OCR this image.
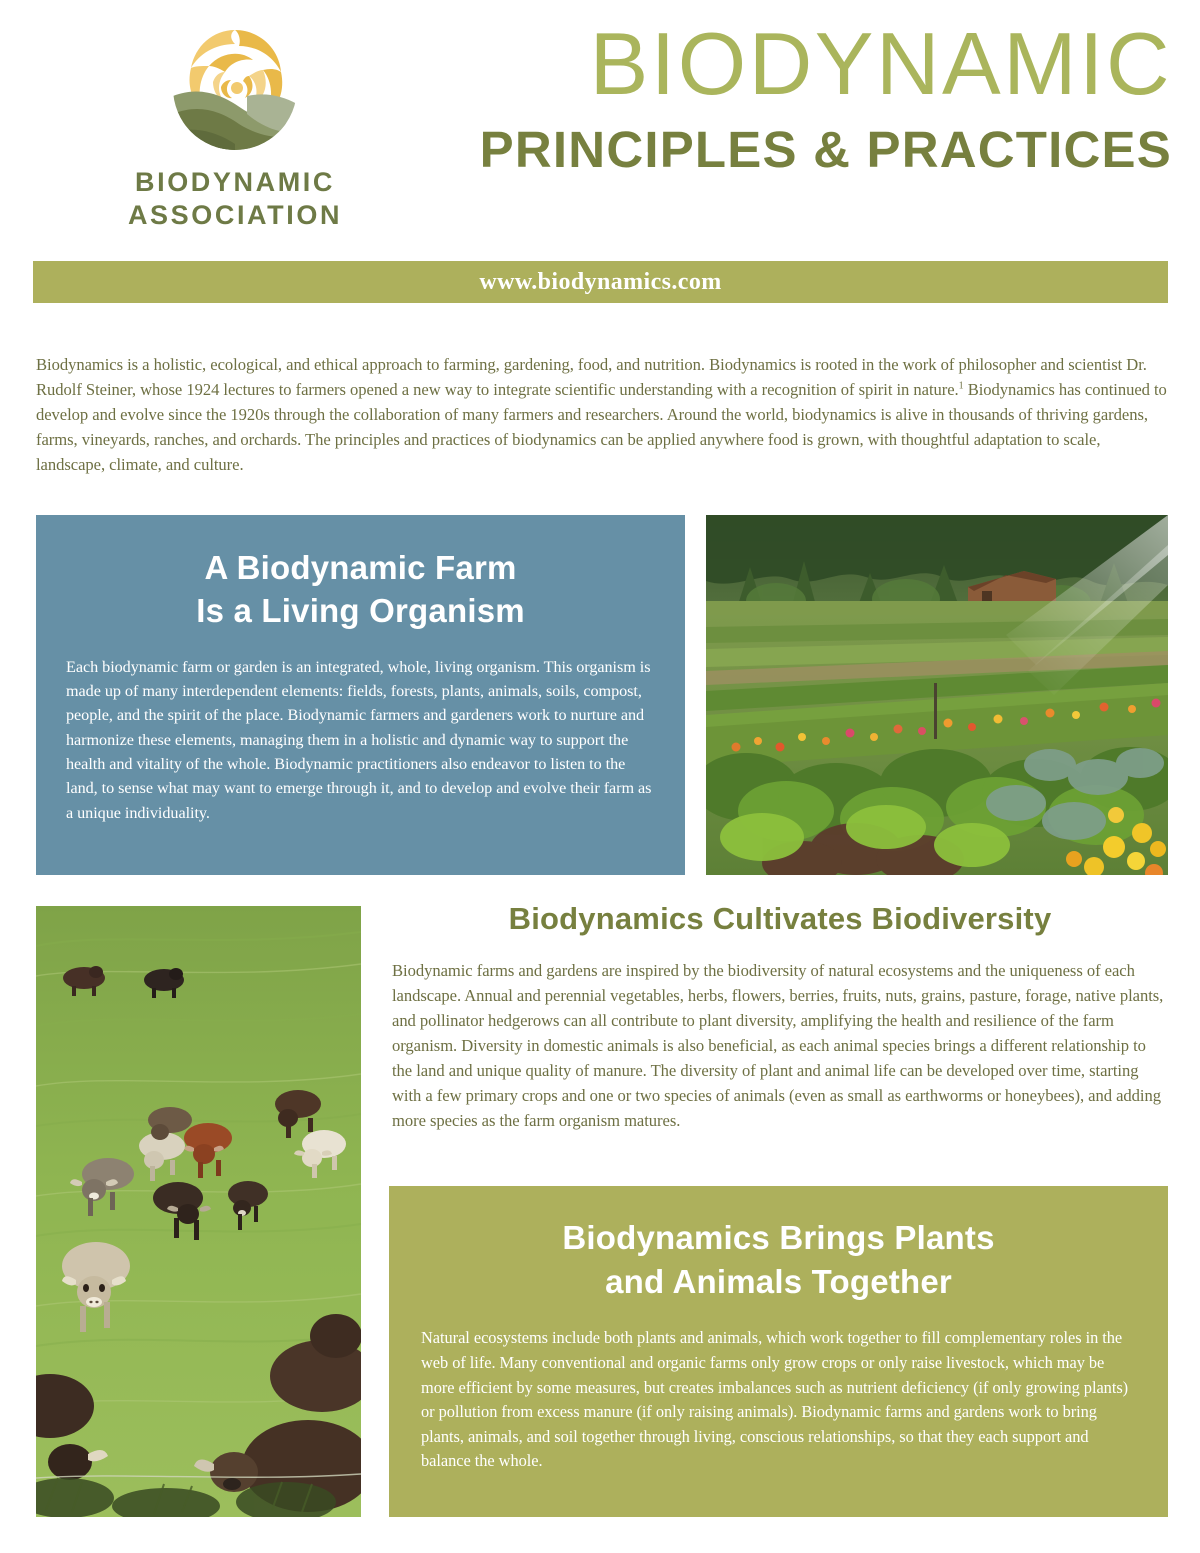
BIODYNAMIC
ASSOCIATION
BIODYNAMIC
PRINCIPLES & PRACTICES
www.biodynamics.com

Biodynamics is a holistic, ecological, and ethical approach to farming, gardening, food, and nutrition. Biodynamics is rooted in the work of philosopher and scientist Dr. Rudolf Steiner, whose 1924 lectures to farmers opened a new way to integrate scientific understanding with a recognition of spirit in nature.$^1$ Biodynamics has continued to develop and evolve since the 1920s through the collaboration of many farmers and researchers. Around the world, biodynamics is alive in thousands of thriving gardens, farms, vineyards, ranches, and orchards. The principles and practices of biodynamics can be applied anywhere food is grown, with thoughtful adaptation to scale, landscape, climate, and culture.

A Biodynamic Farm
Is a Living Organism

Each biodynamic farm or garden is an integrated, whole, living organism. This organism is made up of many interdependent elements: fields, forests, plants, animals, soils, compost, people, and the spirit of the place. Biodynamic farmers and gardeners work to nurture and harmonize these elements, managing them in a holistic and dynamic way to support the health and vitality of the whole. Biodynamic practitioners also endeavor to listen to the land, to sense what may want to emerge through it, and to develop and evolve their farm as a unique individuality.

Biodynamics Cultivates Biodiversity

Biodynamic farms and gardens are inspired by the biodiversity of natural ecosystems and the uniqueness of each landscape. Annual and perennial vegetables, herbs, flowers, berries, fruits, nuts, grains, pasture, forage, native plants, and pollinator hedgerows can all contribute to plant diversity, amplifying the health and resilience of the farm organism. Diversity in domestic animals is also beneficial, as each animal species brings a different relationship to the land and unique quality of manure. The diversity of plant and animal life can be developed over time, starting with a few primary crops and one or two species of animals (even as small as earthworms or honeybees), and adding more species as the farm organism matures.

Biodynamics Brings Plants
and Animals Together

Natural ecosystems include both plants and animals, which work together to fill complementary roles in the web of life. Many conventional and organic farms only grow crops or only raise livestock, which may be more efficient by some measures, but creates imbalances such as nutrient deficiency (if only growing plants) or pollution from excess manure (if only raising animals). Biodynamic farms and gardens work to bring plants, animals, and soil together through living, conscious relationships, so that they each support and balance the whole.
